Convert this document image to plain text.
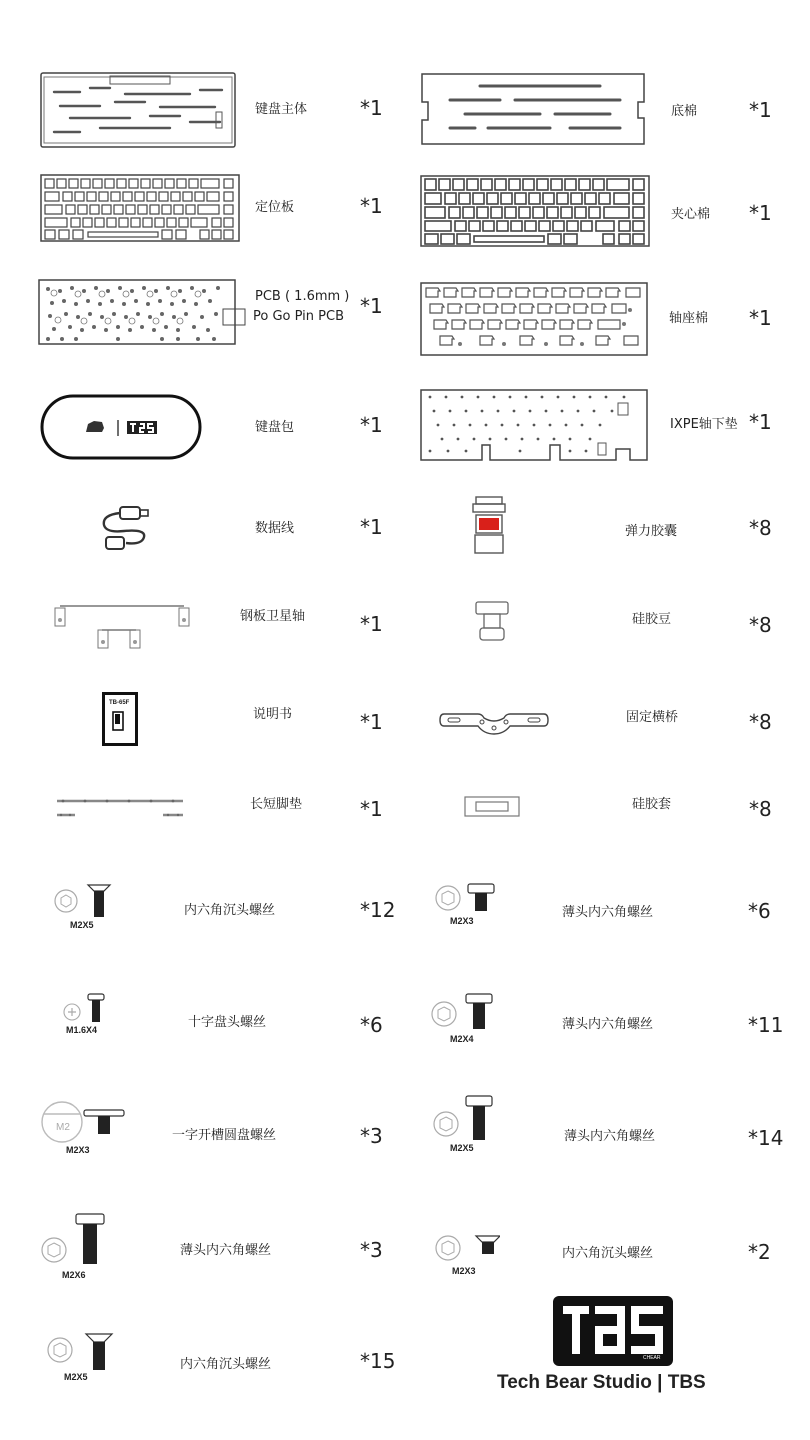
键盘主体	*1
定位板	*1
PCB ( 1.6mm )
Po Go Pin PCB *1
键盘包	*1
数据线	*1
钢板卫星轴	*1
TB-65F
说明书	*1
长短脚垫	*1
底棉	*1
夹心棉 *1
轴座棉 *1
IXPE轴下垫 *1
弹力胶囊	*8
硅胶豆	*8
固定横桥	*8
硅胶套	*8
M2X5
内六角沉头螺丝	*12
M1.6X4	十字盘头螺丝	*6
M2
M2X3
一字开槽圆盘螺丝	*3
M2X6
薄头内六角螺丝	*3
M2X5
内六角沉头螺丝	*15
M2X3
薄头内六角螺丝	*6
M2X4
薄头内六角螺丝	*11
M2X5
薄头内六角螺丝	*14
M2X3
内六角沉头螺丝	*2
CHEAR
Tech Bear Studio | TBS
